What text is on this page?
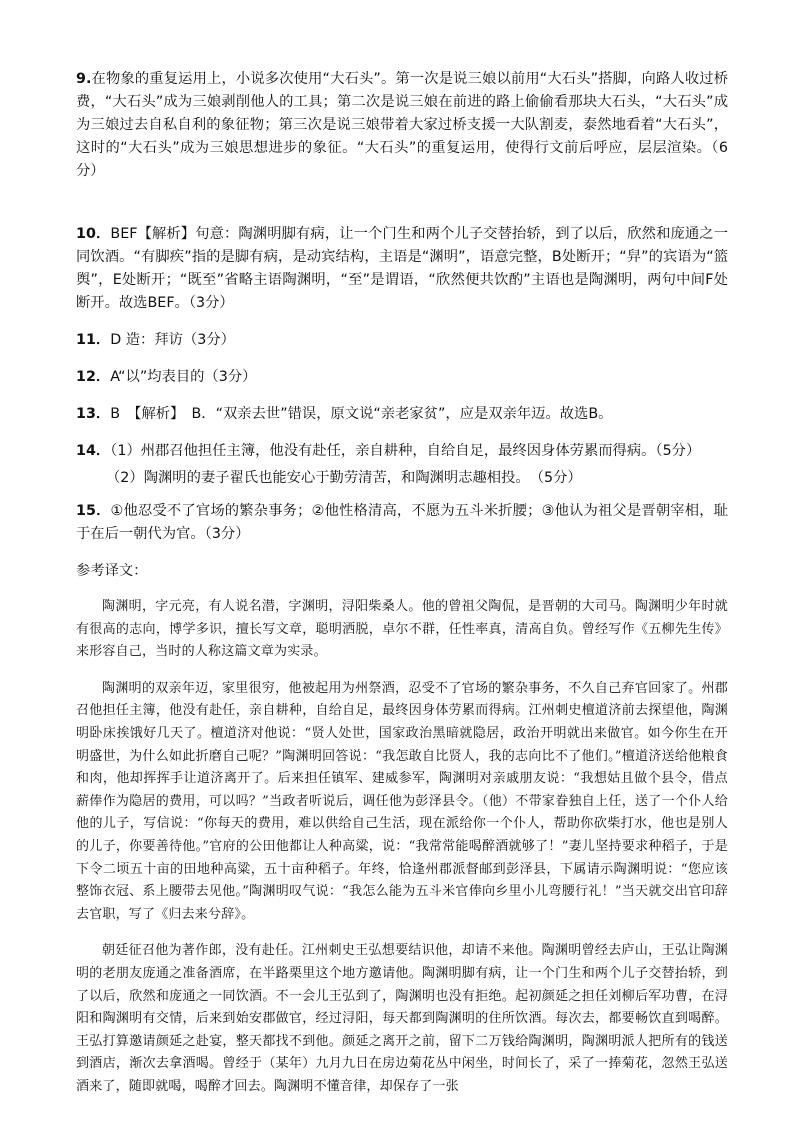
9.在物象的重复运用上，小说多次使用“大石头”。第一次是说三娘以前用“大石头”搭脚，向路人收过桥费，“大石头”成为三娘剥削他人的工具；第二次是说三娘在前进的路上偷偷看那块大石头，“大石头”成为三娘过去自私自利的象征物；第三次是说三娘带着大家过桥支援一大队割麦，泰然地看着“大石头”，这时的“大石头”成为三娘思想进步的象征。“大石头”的重复运用，使得行文前后呼应，层层渲染。（6分）

10．BEF【解析】句意：陶渊明脚有病，让一个门生和两个儿子交替抬轿，到了以后，欣然和庞通之一同饮酒。“有脚疾”指的是脚有病，是动宾结构，主语是“渊明”，语意完整，B处断开；“舁”的宾语为“篮舆”，E处断开；“既至”省略主语陶渊明，“至”是谓语，“欣然便共饮酌”主语也是陶渊明，两句中间F处断开。故选BEF。（3分）

11．D 造：拜访（3分）

12．A“以”均表目的（3分）

13．B　【解析】　B．“双亲去世”错误，原文说“亲老家贫”，应是双亲年迈。故选B。

14．（1）州郡召他担任主簿，他没有赴任，亲自耕种，自给自足，最终因身体劳累而得病。（5分）

（2）陶渊明的妻子翟氏也能安心于勤劳清苦，和陶渊明志趣相投。　（5分）

15．①他忍受不了官场的繁杂事务；②他性格清高，不愿为五斗米折腰；③他认为祖父是晋朝宰相，耻于在后一朝代为官。（3分）

参考译文：

陶渊明，字元亮，有人说名潜，字渊明，浔阳柴桑人。他的曾祖父陶侃，是晋朝的大司马。陶渊明少年时就有很高的志向，博学多识，擅长写文章，聪明洒脱，卓尔不群，任性率真，清高自负。曾经写作《五柳先生传》来形容自己，当时的人称这篇文章为实录。

陶渊明的双亲年迈，家里很穷，他被起用为州祭酒，忍受不了官场的繁杂事务，不久自己弃官回家了。州郡召他担任主簿，他没有赴任，亲自耕种，自给自足，最终因身体劳累而得病。江州刺史檀道济前去探望他，陶渊明卧床挨饿好几天了。檀道济对他说：“贤人处世，国家政治黑暗就隐居，政治开明就出来做官。如今你生在开明盛世，为什么如此折磨自己呢？”陶渊明回答说：“我怎敢自比贤人，我的志向比不了他们。”檀道济送给他粮食和肉，他却挥挥手让道济离开了。后来担任镇军、建威参军，陶渊明对亲戚朋友说：“我想姑且做个县令，借点薪俸作为隐居的费用，可以吗？”当政者听说后，调任他为彭泽县令。（他）不带家眷独自上任，送了一个仆人给他的儿子，写信说：“你每天的费用，难以供给自己生活，现在派给你一个仆人，帮助你砍柴打水，他也是别人的儿子，你要善待他。”官府的公田他都让人种高粱，说：“我常常能喝醉酒就够了！”妻儿坚持要求种稻子，于是下令二顷五十亩的田地种高粱，五十亩种稻子。年终，恰逢州郡派督邮到彭泽县，下属请示陶渊明说：“您应该整饰衣冠、系上腰带去见他。”陶渊明叹气说：“我怎么能为五斗米官俸向乡里小儿弯腰行礼！”当天就交出官印辞去官职，写了《归去来兮辞》。

朝廷征召他为著作郎，没有赴任。江州刺史王弘想要结识他，却请不来他。陶渊明曾经去庐山，王弘让陶渊明的老朋友庞通之准备酒席，在半路栗里这个地方邀请他。陶渊明脚有病，让一个门生和两个儿子交替抬轿，到了以后，欣然和庞通之一同饮酒。不一会儿王弘到了，陶渊明也没有拒绝。起初颜延之担任刘柳后军功曹，在浔阳和陶渊明有交情，后来到始安郡做官，经过浔阳，每天都到陶渊明的住所饮酒。每次去，都要畅饮直到喝醉。王弘打算邀请颜延之赴宴，整天都找不到他。颜延之离开之前，留下二万钱给陶渊明，陶渊明派人把所有的钱送到酒店，渐次去拿酒喝。曾经于（某年）九月九日在房边菊花丛中闲坐，时间长了，采了一捧菊花，忽然王弘送酒来了，随即就喝，喝醉才回去。陶渊明不懂音律，却保存了一张
